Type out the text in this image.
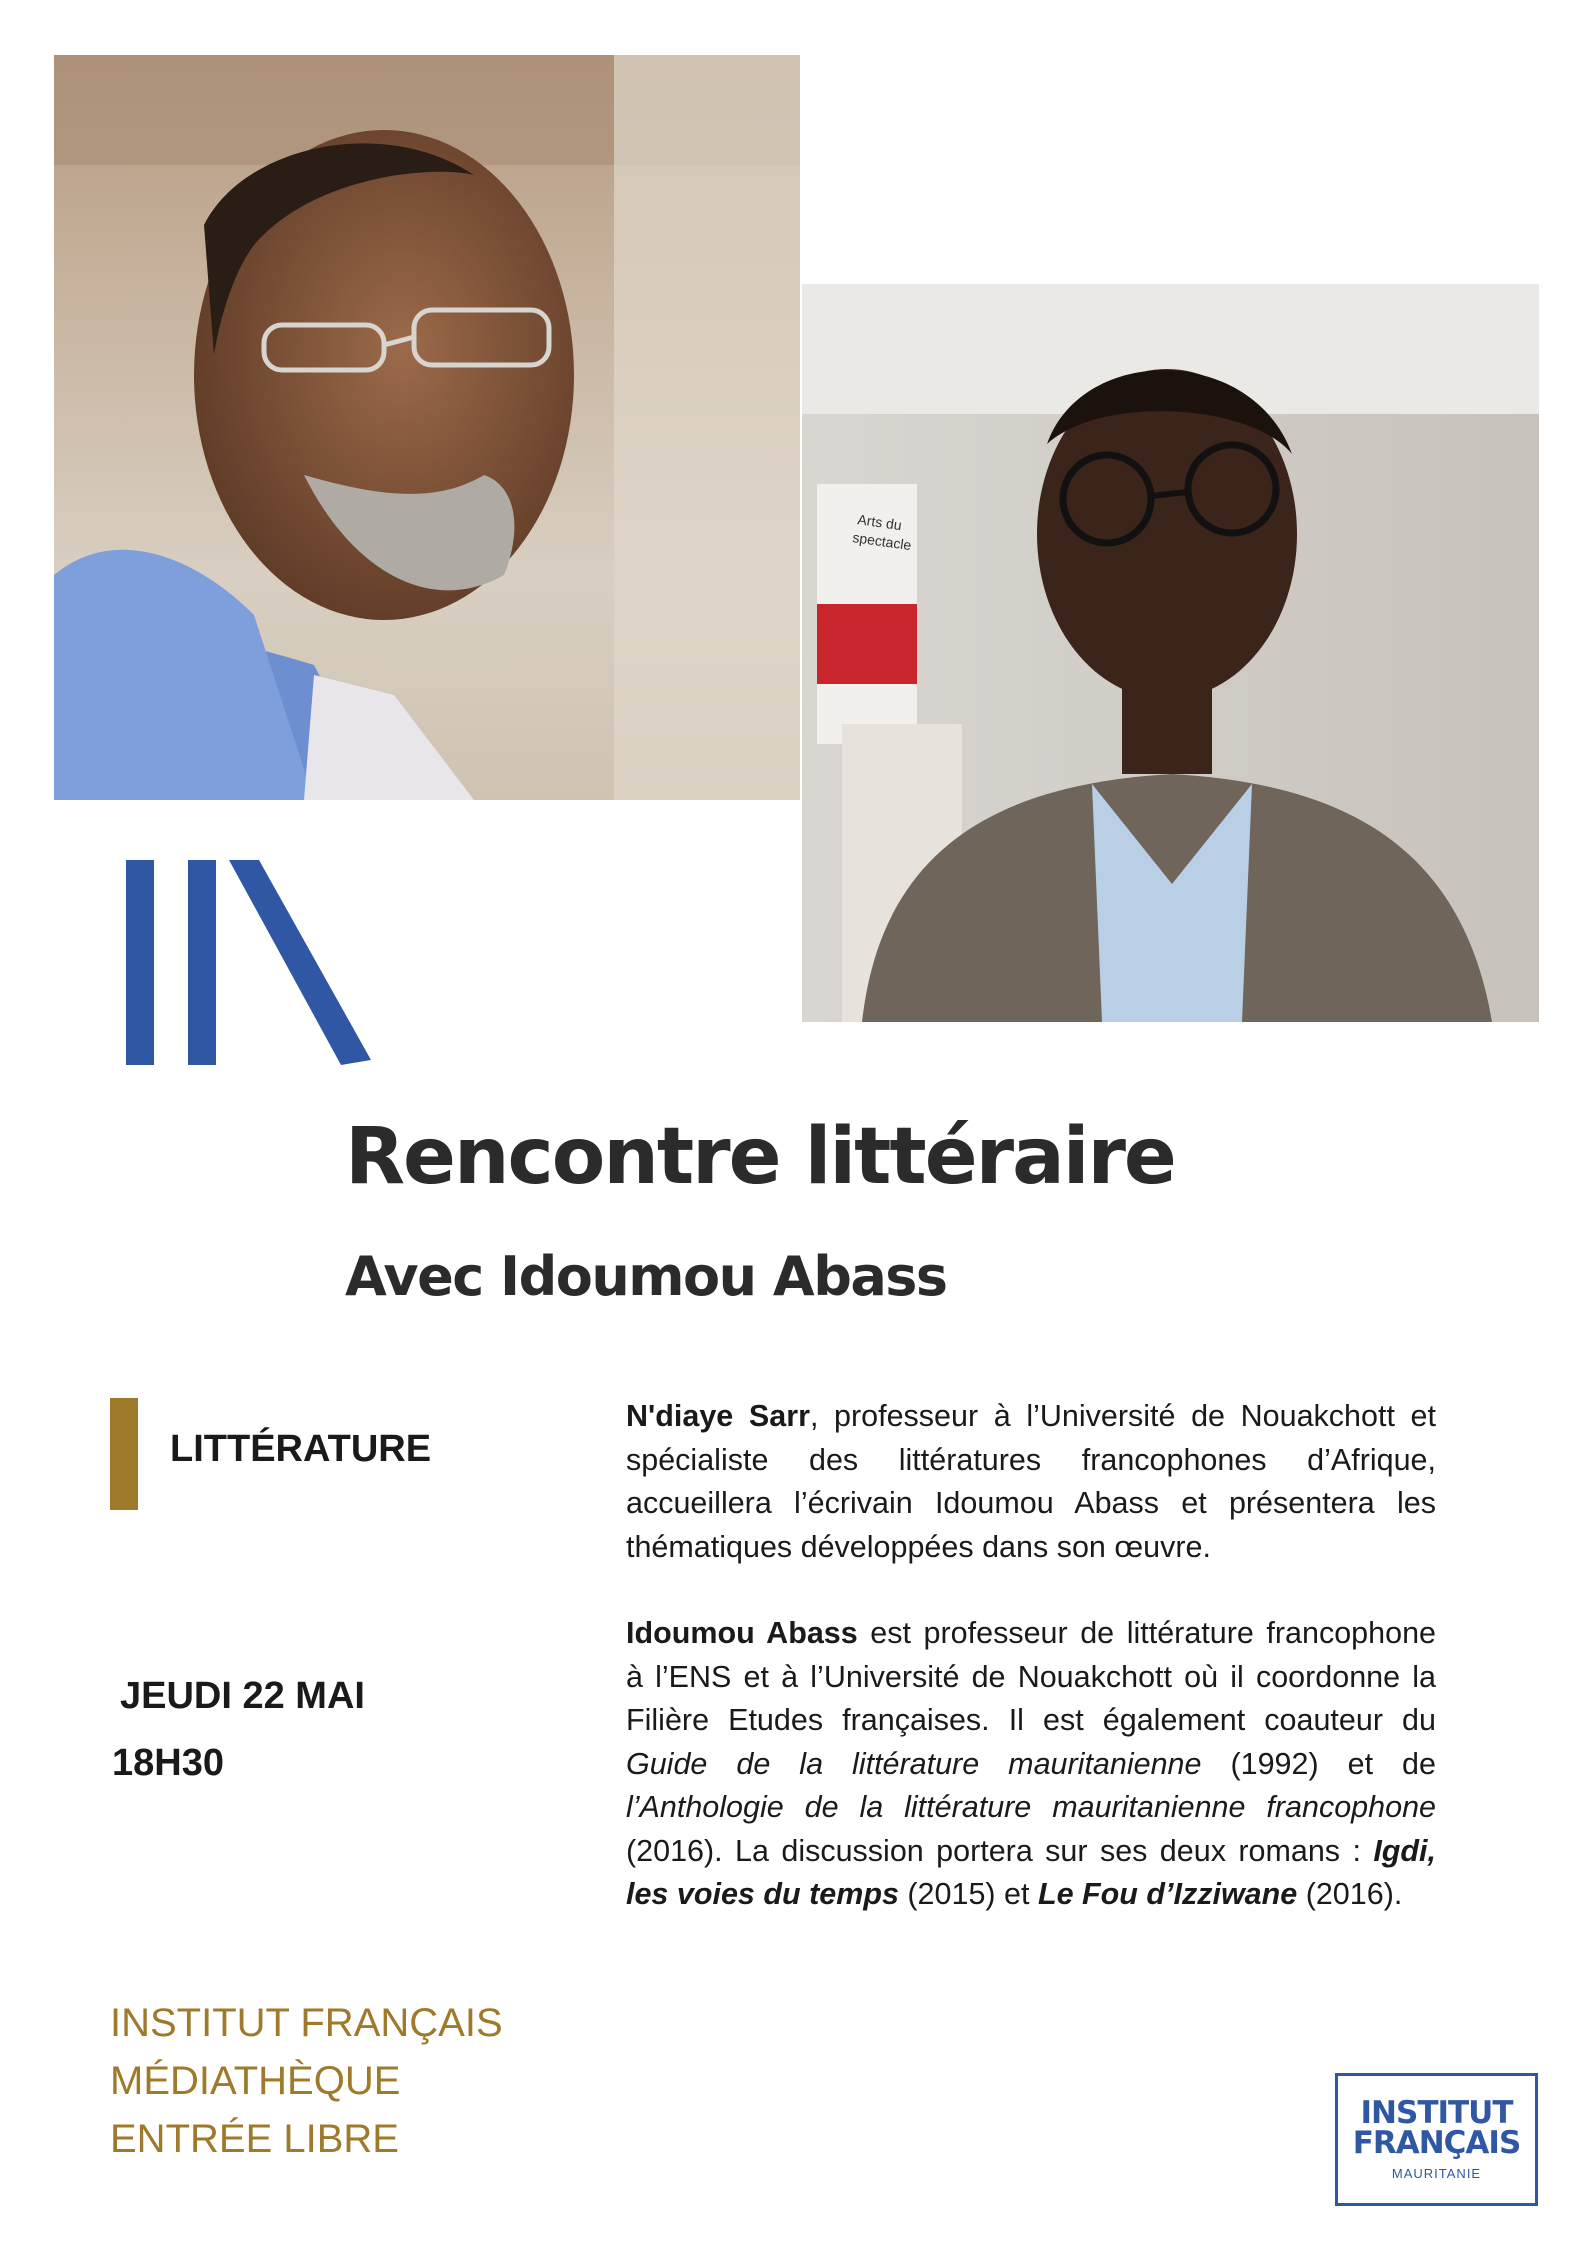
Arts du
spectacle
Rencontre littéraire
Avec Idoumou Abass
LITTÉRATURE
JEUDI 22 MAI
18H30
INSTITUT FRANÇAIS
MÉDIATHÈQUE
ENTRÉE LIBRE

N'diaye Sarr, professeur à l’Université de Nouakchott et spécialiste des littératures francophones d’Afrique, accueillera l’écrivain Idoumou Abass et présentera les thématiques développées dans son œuvre.

Idoumou Abass est professeur de littérature francophone à l’ENS et à l’Université de Nouakchott où il coordonne la Filière Etudes françaises. Il est également coauteur du Guide de la littérature mauritanienne (1992) et de l’Anthologie de la littérature mauritanienne francophone (2016). La discussion portera sur ses deux romans : Igdi, les voies du temps (2015) et Le Fou d’Izziwane (2016).

INSTITUT
FRANÇAIS
MAURITANIE
